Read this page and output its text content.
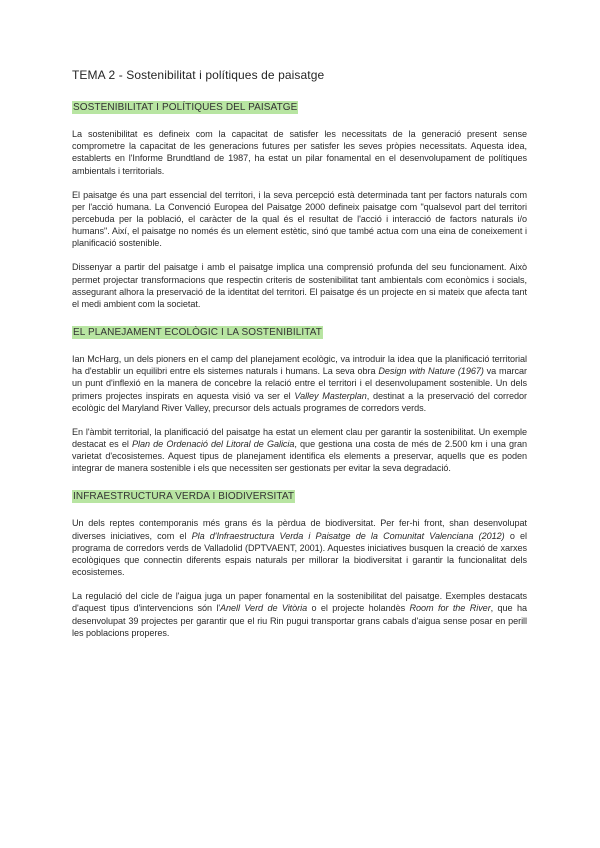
TEMA 2 - Sostenibilitat i polítiques de paisatge
SOSTENIBILITAT I POLÍTIQUES DEL PAISATGE

La sostenibilitat es defineix com la capacitat de satisfer les necessitats de la generació present sense comprometre la capacitat de les generacions futures per satisfer les seves pròpies necessitats. Aquesta idea, establerts en l'Informe Brundtland de 1987, ha estat un pilar fonamental en el desenvolupament de polítiques ambientals i territorials.

El paisatge és una part essencial del territori, i la seva percepció està determinada tant per factors naturals com per l'acció humana. La Convenció Europea del Paisatge 2000 defineix paisatge com "qualsevol part del territori percebuda per la població, el caràcter de la qual és el resultat de l'acció i interacció de factors naturals i/o humans". Així, el paisatge no només és un element estètic, sinó que també actua com una eina de coneixement i planificació sostenible.

Dissenyar a partir del paisatge i amb el paisatge implica una comprensió profunda del seu funcionament. Això permet projectar transformacions que respectin criteris de sostenibilitat tant ambientals com econòmics i socials, assegurant alhora la preservació de la identitat del territori. El paisatge és un projecte en si mateix que afecta tant el medi ambient com la societat.

EL PLANEJAMENT ECOLÒGIC I LA SOSTENIBILITAT

Ian McHarg, un dels pioners en el camp del planejament ecològic, va introduir la idea que la planificació territorial ha d'establir un equilibri entre els sistemes naturals i humans. La seva obra Design with Nature (1967) va marcar un punt d'inflexió en la manera de concebre la relació entre el territori i el desenvolupament sostenible. Un dels primers projectes inspirats en aquesta visió va ser el Valley Masterplan, destinat a la preservació del corredor ecològic del Maryland River Valley, precursor dels actuals programes de corredors verds.

En l'àmbit territorial, la planificació del paisatge ha estat un element clau per garantir la sostenibilitat. Un exemple destacat es el Plan de Ordenació del Litoral de Galicia, que gestiona una costa de més de 2.500 km i una gran varietat d'ecosistemes. Aquest tipus de planejament identifica els elements a preservar, aquells que es poden integrar de manera sostenible i els que necessiten ser gestionats per evitar la seva degradació.

INFRAESTRUCTURA VERDA I BIODIVERSITAT

Un dels reptes contemporanis més grans és la pèrdua de biodiversitat. Per fer-hi front, shan desenvolupat diverses iniciatives, com el Pla d'Infraestructura Verda i Paisatge de la Comunitat Valenciana (2012) o el programa de corredors verds de Valladolid (DPTVAENT, 2001). Aquestes iniciatives busquen la creació de xarxes ecològiques que connectin diferents espais naturals per millorar la biodiversitat i garantir la funcionalitat dels ecosistemes.

La regulació del cicle de l'aigua juga un paper fonamental en la sostenibilitat del paisatge. Exemples destacats d'aquest tipus d'intervencions són l'Anell Verd de Vitòria o el projecte holandès Room for the River, que ha desenvolupat 39 projectes per garantir que el riu Rin pugui transportar grans cabals d'aigua sense posar en perill les poblacions properes.
